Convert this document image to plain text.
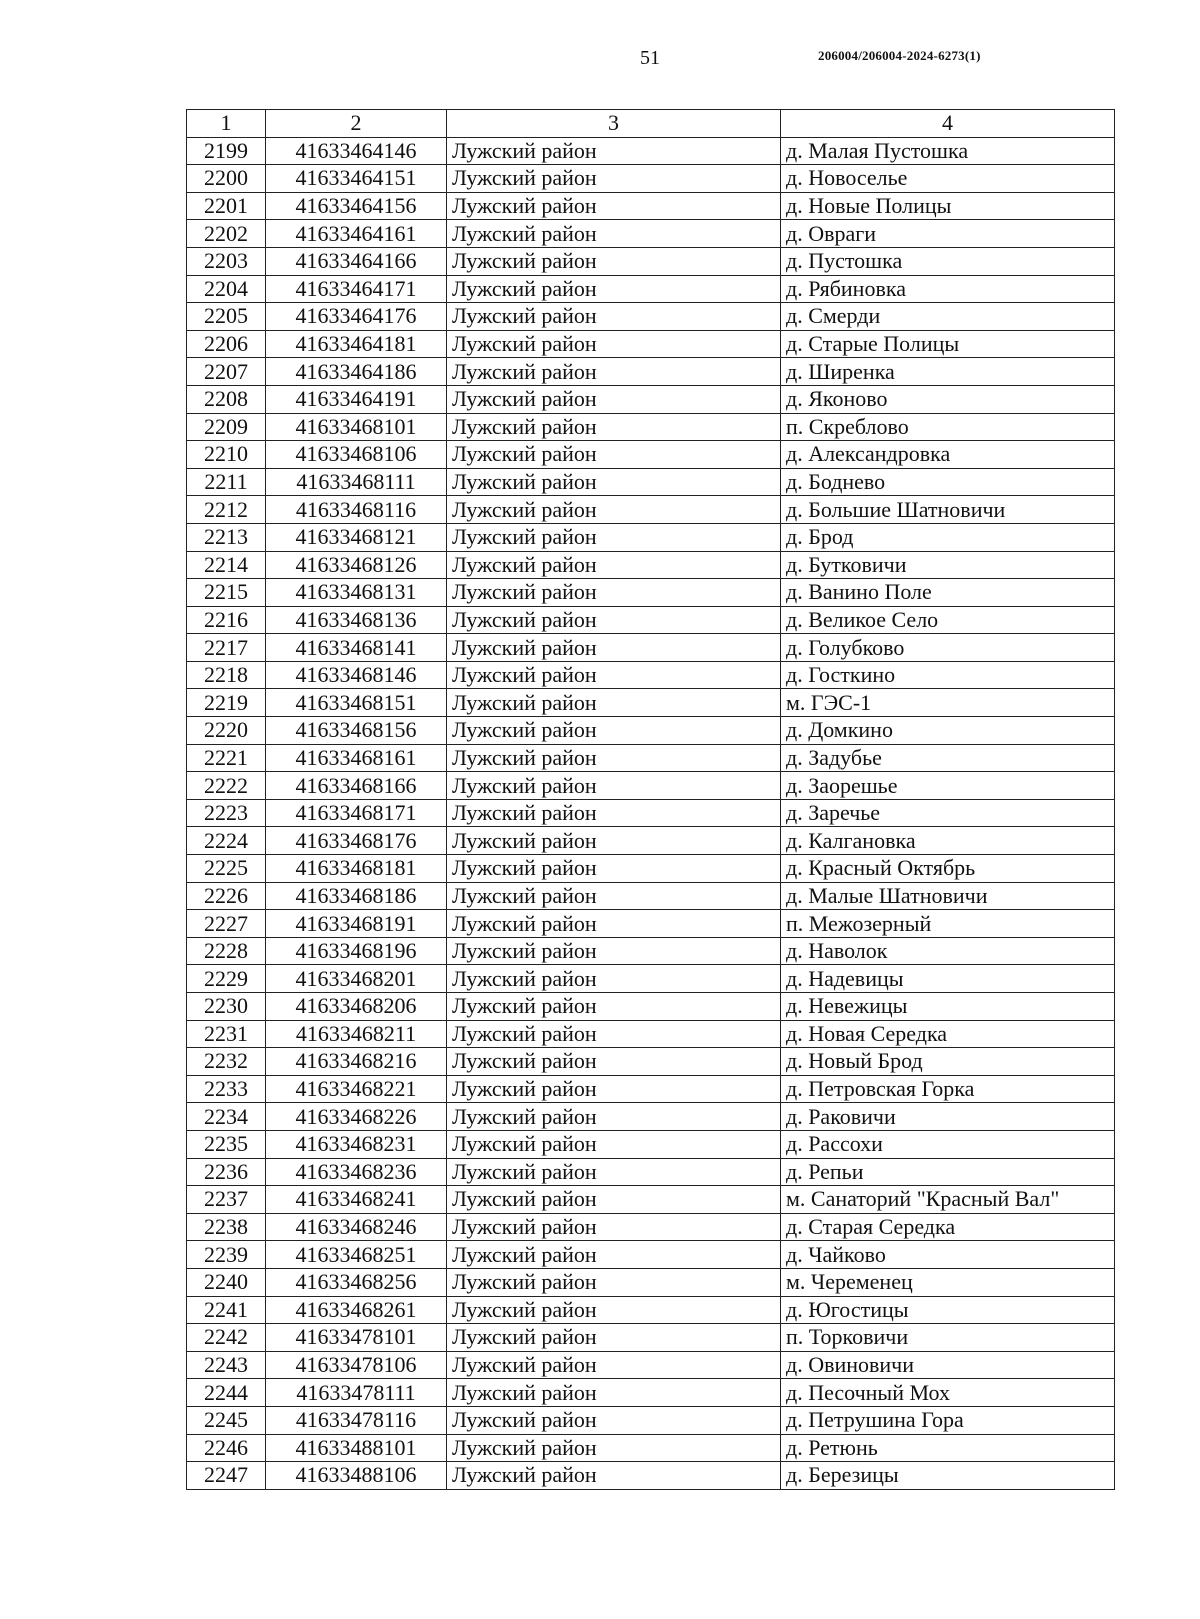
51	206004/206004-2024-6273(1)
1	2	3	4
2199	41633464146	Лужский район	д. Малая Пустошка
2200	41633464151	Лужский район	д. Новоселье
2201	41633464156	Лужский район	д. Новые Полицы
2202	41633464161	Лужский район	д. Овраги
2203	41633464166	Лужский район	д. Пустошка
2204	41633464171	Лужский район	д. Рябиновка
2205	41633464176	Лужский район	д. Смерди
2206	41633464181	Лужский район	д. Старые Полицы
2207	41633464186	Лужский район	д. Ширенка
2208	41633464191	Лужский район	д. Яконово
2209	41633468101	Лужский район	п. Скреблово
2210	41633468106	Лужский район	д. Александровка
2211	41633468111	Лужский район	д. Боднево
2212	41633468116	Лужский район	д. Большие Шатновичи
2213	41633468121	Лужский район	д. Брод
2214	41633468126	Лужский район	д. Бутковичи
2215	41633468131	Лужский район	д. Ванино Поле
2216	41633468136	Лужский район	д. Великое Село
2217	41633468141	Лужский район	д. Голубково
2218	41633468146	Лужский район	д. Госткино
2219	41633468151	Лужский район	м. ГЭС-1
2220	41633468156	Лужский район	д. Домкино
2221	41633468161	Лужский район	д. Задубье
2222	41633468166	Лужский район	д. Заорешье
2223	41633468171	Лужский район	д. Заречье
2224	41633468176	Лужский район	д. Калгановка
2225	41633468181	Лужский район	д. Красный Октябрь
2226	41633468186	Лужский район	д. Малые Шатновичи
2227	41633468191	Лужский район	п. Межозерный
2228	41633468196	Лужский район	д. Наволок
2229	41633468201	Лужский район	д. Надевицы
2230	41633468206	Лужский район	д. Невежицы
2231	41633468211	Лужский район	д. Новая Середка
2232	41633468216	Лужский район	д. Новый Брод
2233	41633468221	Лужский район	д. Петровская Горка
2234	41633468226	Лужский район	д. Раковичи
2235	41633468231	Лужский район	д. Рассохи
2236	41633468236	Лужский район	д. Репьи
2237	41633468241	Лужский район	м. Санаторий "Красный Вал"
2238	41633468246	Лужский район	д. Старая Середка
2239	41633468251	Лужский район	д. Чайково
2240	41633468256	Лужский район	м. Черемeнец
2241	41633468261	Лужский район	д. Югостицы
2242	41633478101	Лужский район	п. Торковичи
2243	41633478106	Лужский район	д. Овиновичи
2244	41633478111	Лужский район	д. Песочный Мох
2245	41633478116	Лужский район	д. Петрушина Гора
2246	41633488101	Лужский район	д. Ретюнь
2247	41633488106	Лужский район	д. Березицы
